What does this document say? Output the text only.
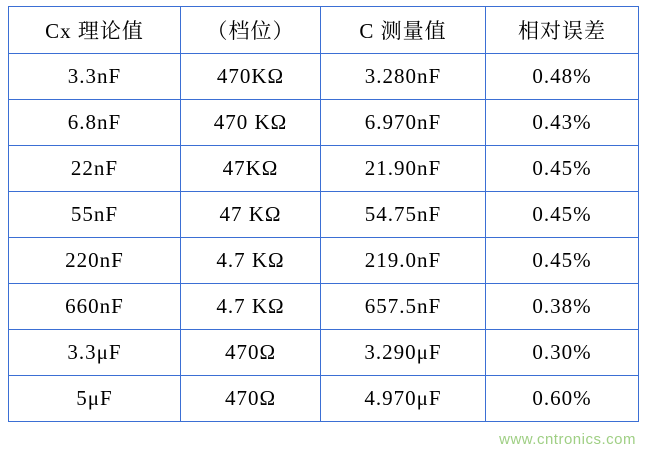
Cx 理论值	（档位）	C 测量值	相对误差
3.3nF	470KΩ	3.280nF	0.48%
6.8nF	470 KΩ	6.970nF	0.43%
22nF	47KΩ	21.90nF	0.45%
55nF	47 KΩ	54.75nF	0.45%
220nF	4.7 KΩ	219.0nF	0.45%
660nF	4.7 KΩ	657.5nF	0.38%
3.3μF	470Ω	3.290μF	0.30%
5μF	470Ω	4.970μF	0.60%
www.cntronics.com
